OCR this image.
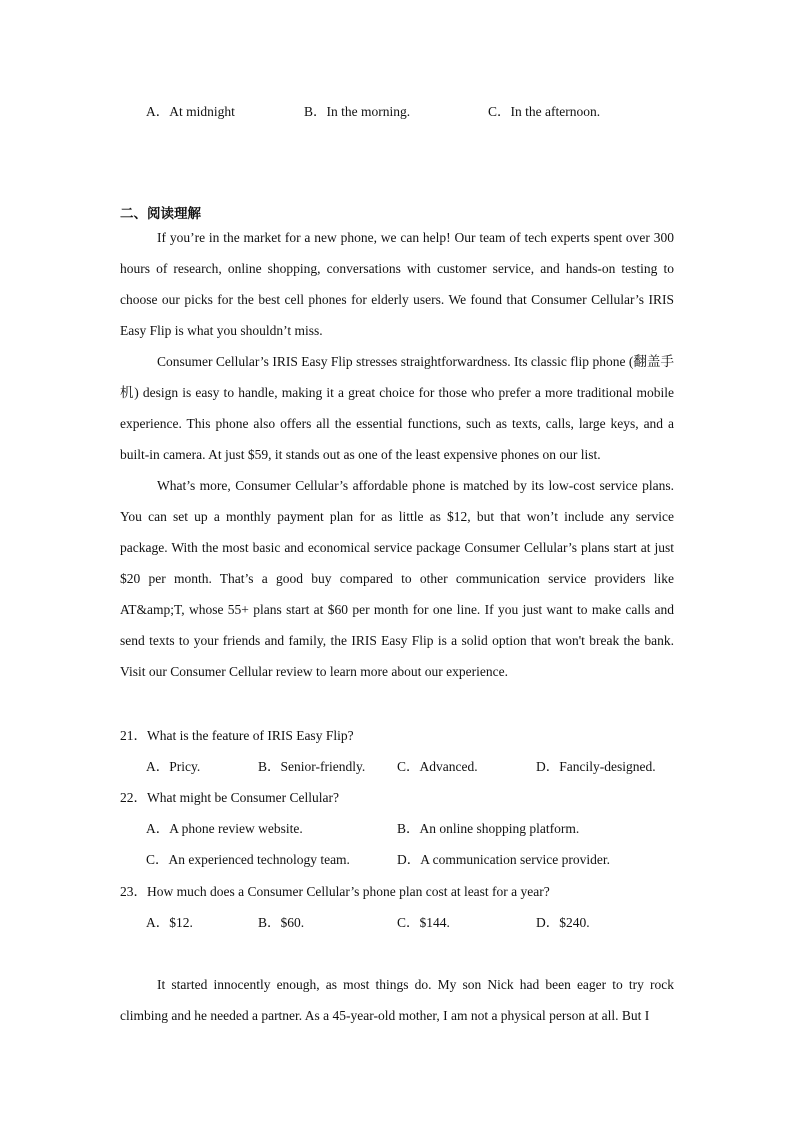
A．At midnight	B．In the morning.	C．In the afternoon.
二、阅读理解

If you’re in the market for a new phone, we can help! Our team of tech experts spent over 300 hours of research, online shopping, conversations with customer service, and hands-on testing to choose our picks for the best cell phones for elderly users. We found that Consumer Cellular’s IRIS Easy Flip is what you shouldn’t miss.

Consumer Cellular’s IRIS Easy Flip stresses straightforwardness. Its classic flip phone (翻盖手机) design is easy to handle, making it a great choice for those who prefer a more traditional mobile experience. This phone also offers all the essential functions, such as texts, calls, large keys, and a built-in camera. At just $59, it stands out as one of the least expensive phones on our list.

What’s more, Consumer Cellular’s affordable phone is matched by its low-cost service plans. You can set up a monthly payment plan for as little as $12, but that won’t include any service package. With the most basic and economical service package Consumer Cellular’s plans start at just $20 per month. That’s a good buy compared to other communication service providers like AT&amp;T, whose 55+ plans start at $60 per month for one line. If you just want to make calls and send texts to your friends and family, the IRIS Easy Flip is a solid option that won't break the bank. Visit our Consumer Cellular review to learn more about our experience.

21．What is the feature of IRIS Easy Flip?
A．Pricy.	B．Senior-friendly. C．Advanced.	D．Fancily-designed.
22．What might be Consumer Cellular?
A．A phone review website.	B．An online shopping platform.
C．An experienced technology team.	D．A communication service provider.
23．How much does a Consumer Cellular’s phone plan cost at least for a year?
A．$12.	B．$60.	C．$144.	D．$240.

It started innocently enough, as most things do. My son Nick had been eager to try rock climbing and he needed a partner. As a 45-year-old mother, I am not a physical person at all. But I
